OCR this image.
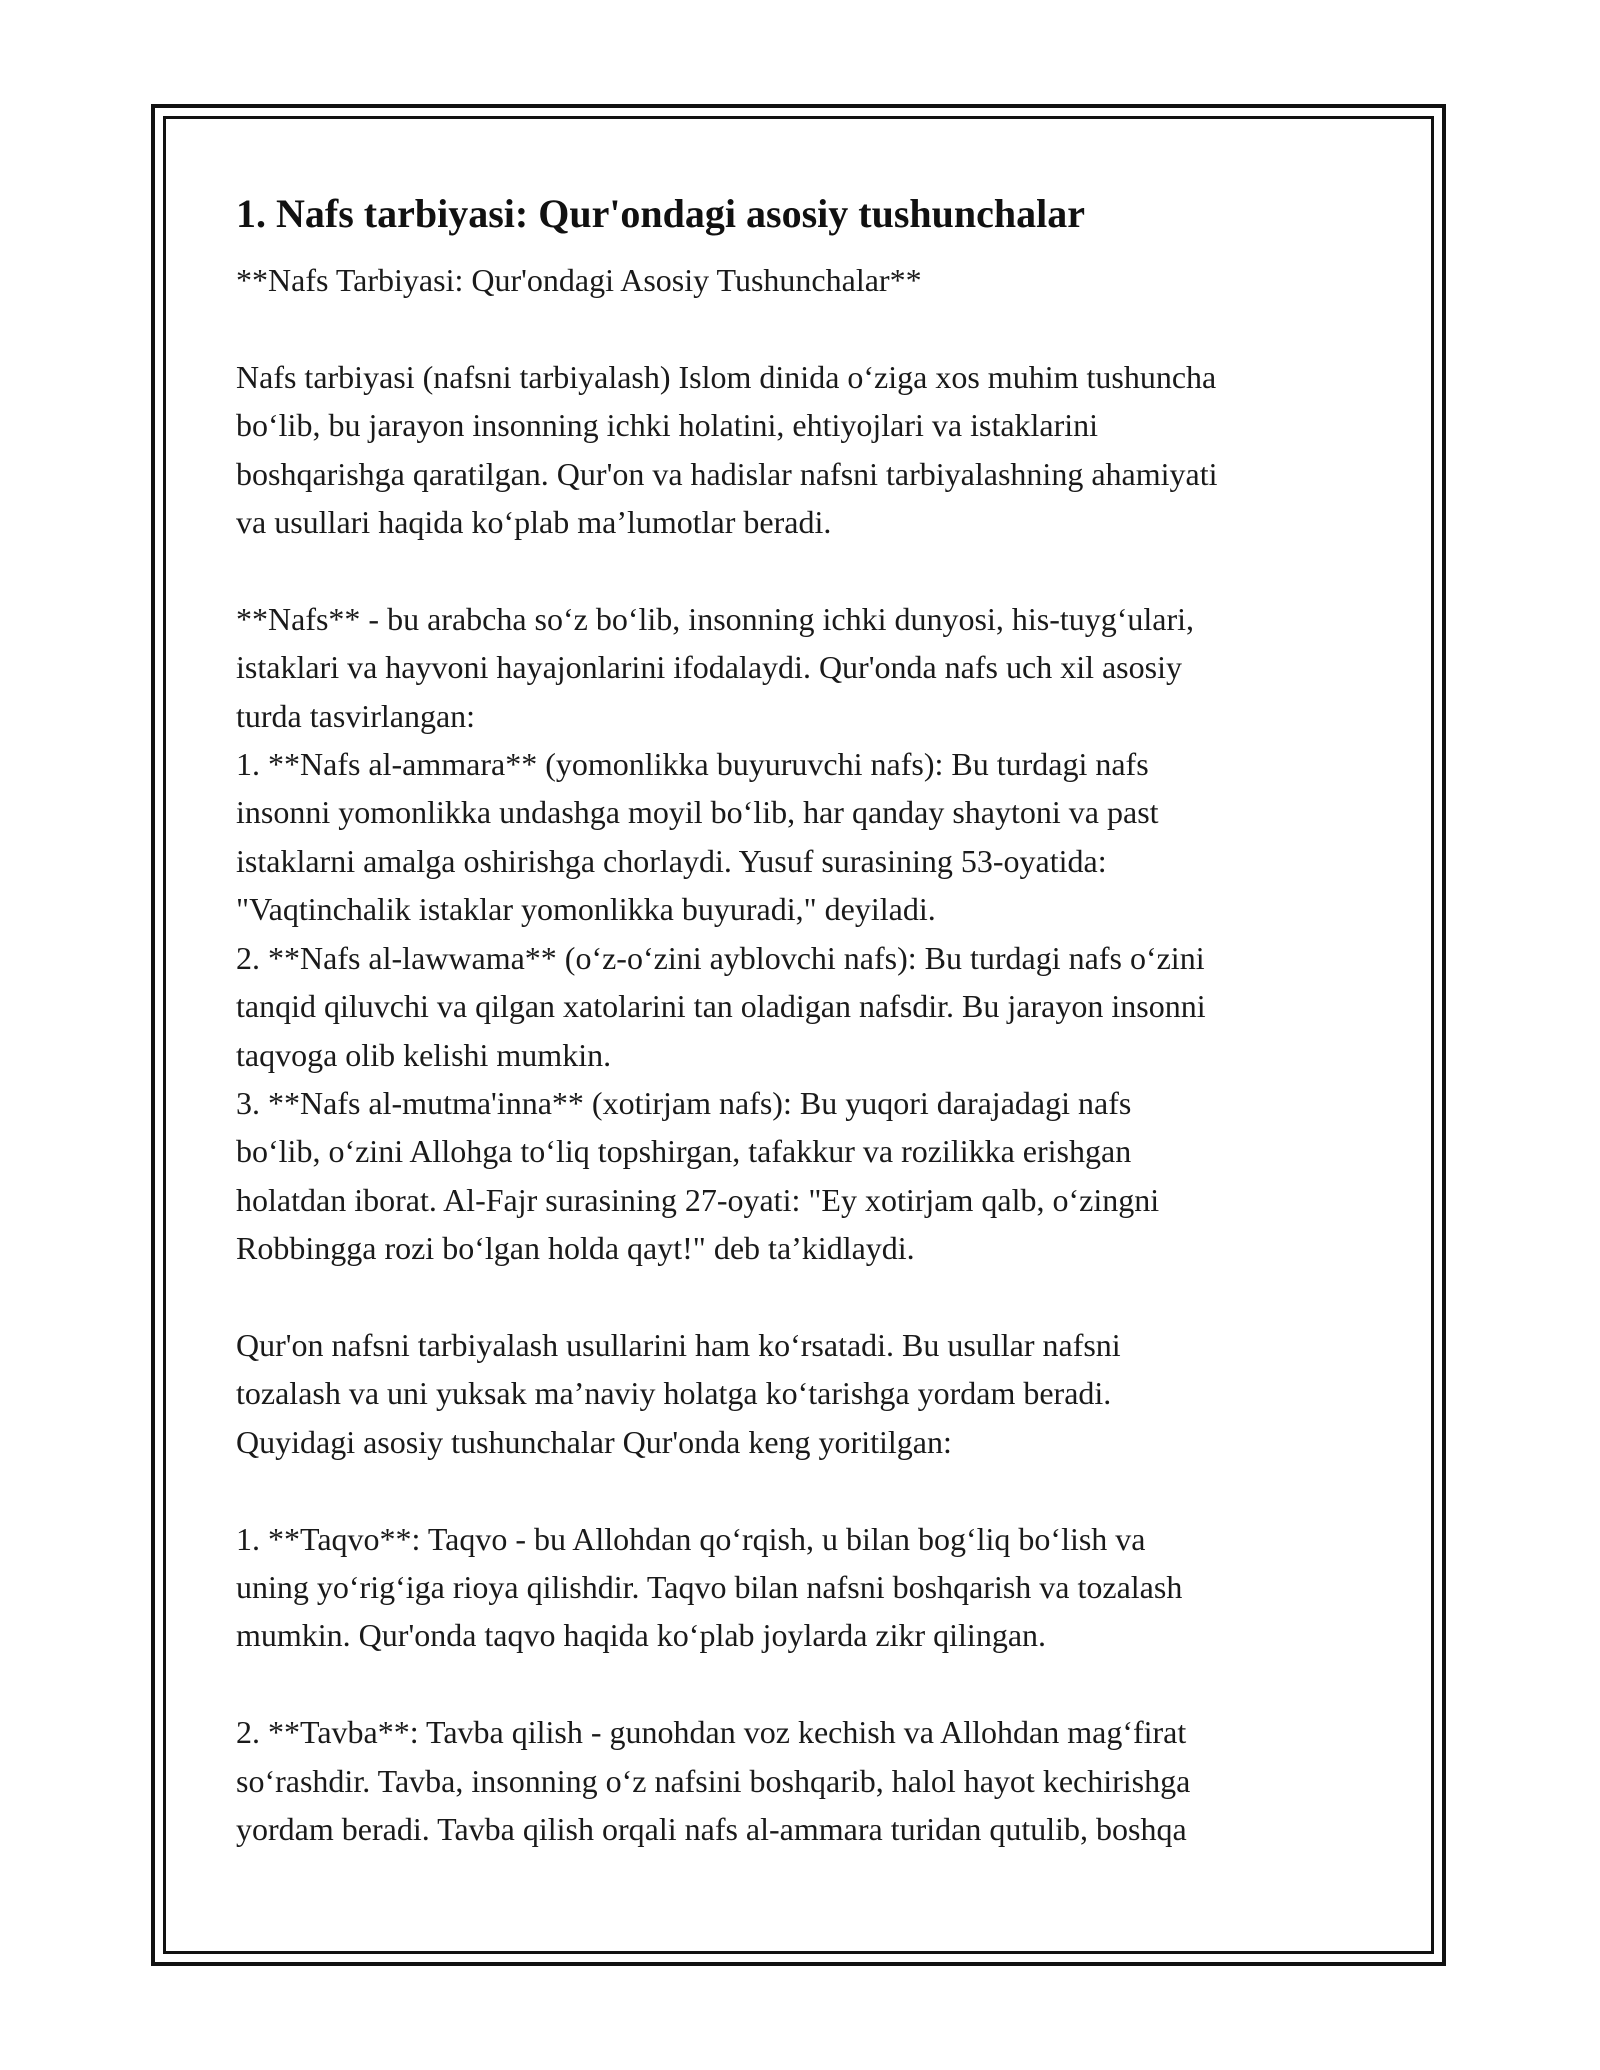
1. Nafs tarbiyasi: Qur'ondagi asosiy tushunchalar
**Nafs Tarbiyasi: Qur'ondagi Asosiy Tushunchalar**

Nafs tarbiyasi (nafsni tarbiyalash) Islom dinida o‘ziga xos muhim tushuncha
bo‘lib, bu jarayon insonning ichki holatini, ehtiyojlari va istaklarini
boshqarishga qaratilgan. Qur'on va hadislar nafsni tarbiyalashning ahamiyati
va usullari haqida ko‘plab ma’lumotlar beradi.

**Nafs** - bu arabcha so‘z bo‘lib, insonning ichki dunyosi, his-tuyg‘ulari,
istaklari va hayvoni hayajonlarini ifodalaydi. Qur'onda nafs uch xil asosiy
turda tasvirlangan:
1. **Nafs al-ammara** (yomonlikka buyuruvchi nafs): Bu turdagi nafs
insonni yomonlikka undashga moyil bo‘lib, har qanday shaytoni va past
istaklarni amalga oshirishga chorlaydi. Yusuf surasining 53-oyatida:
"Vaqtinchalik istaklar yomonlikka buyuradi," deyiladi.
2. **Nafs al-lawwama** (o‘z-o‘zini ayblovchi nafs): Bu turdagi nafs o‘zini
tanqid qiluvchi va qilgan xatolarini tan oladigan nafsdir. Bu jarayon insonni
taqvoga olib kelishi mumkin.
3. **Nafs al-mutma'inna** (xotirjam nafs): Bu yuqori darajadagi nafs
bo‘lib, o‘zini Allohga to‘liq topshirgan, tafakkur va rozilikka erishgan
holatdan iborat. Al-Fajr surasining 27-oyati: "Ey xotirjam qalb, o‘zingni
Robbingga rozi bo‘lgan holda qayt!" deb ta’kidlaydi.

Qur'on nafsni tarbiyalash usullarini ham ko‘rsatadi. Bu usullar nafsni
tozalash va uni yuksak ma’naviy holatga ko‘tarishga yordam beradi.
Quyidagi asosiy tushunchalar Qur'onda keng yoritilgan:

1. **Taqvo**: Taqvo - bu Allohdan qo‘rqish, u bilan bog‘liq bo‘lish va
uning yo‘rig‘iga rioya qilishdir. Taqvo bilan nafsni boshqarish va tozalash
mumkin. Qur'onda taqvo haqida ko‘plab joylarda zikr qilingan.

2. **Tavba**: Tavba qilish - gunohdan voz kechish va Allohdan mag‘firat
so‘rashdir. Tavba, insonning o‘z nafsini boshqarib, halol hayot kechirishga
yordam beradi. Tavba qilish orqali nafs al-ammara turidan qutulib, boshqa
